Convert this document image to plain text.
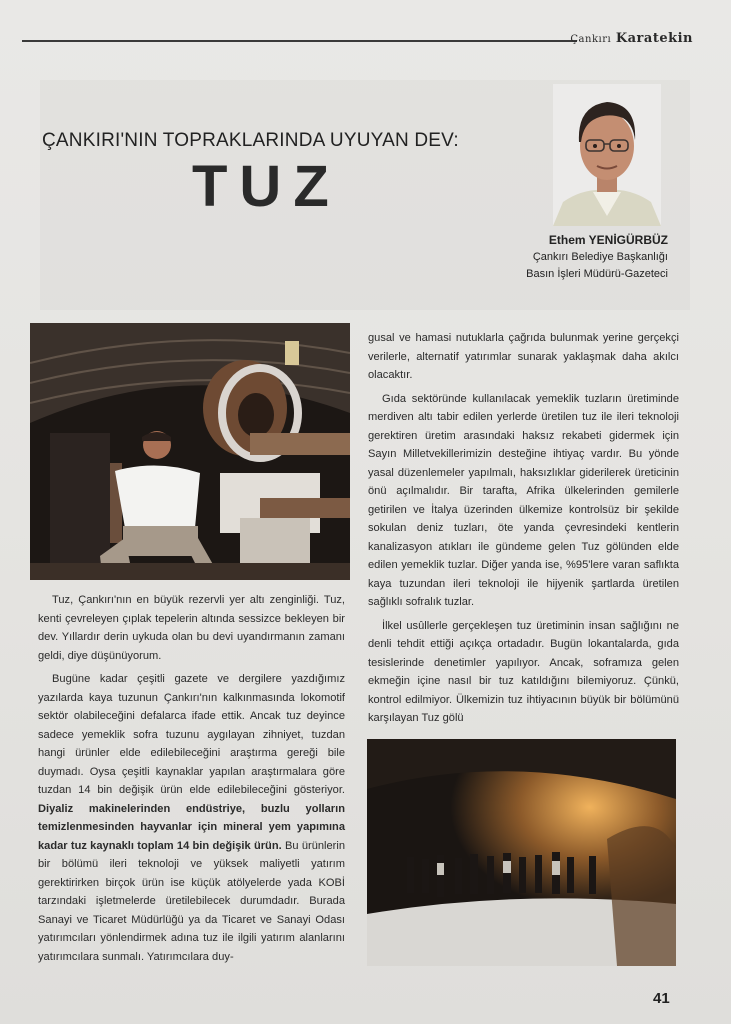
Çankırı Karatekin
ÇANKIRI'NIN TOPRAKLARINDA UYUYAN DEV:
TUZ
Ethem YENİGÜRBÜZ
Çankırı Belediye Başkanlığı
Basın İşleri Müdürü-Gazeteci

Tuz, Çankırı'nın en büyük rezervli yer altı zenginliği. Tuz, kenti çevreleyen çıplak tepelerin altında sessizce bekleyen bir dev. Yıllardır derin uykuda olan bu devi uyandırmanın zamanı geldi, diye düşünüyorum.

Bugüne kadar çeşitli gazete ve dergilere yazdığımız yazılarda kaya tuzunun Çankırı'nın kalkınmasında lokomotif sektör olabileceğini defalarca ifade ettik. Ancak tuz deyince sadece yemeklik sofra tuzunu aygılayan zihniyet, tuzdan hangi ürünler elde edilebileceğini araştırma gereği bile duymadı. Oysa çeşitli kaynaklar yapılan araştırmalara göre tuzdan 14 bin değişik ürün elde edilebileceğini gösteriyor. Diyaliz makinelerinden endüstriye, buzlu yolların temizlenmesinden hayvanlar için mineral yem yapımına kadar tuz kaynaklı toplam 14 bin değişik ürün. Bu ürünlerin bir bölümü ileri teknoloji ve yüksek maliyetli yatırım gerektirirken birçok ürün ise küçük atölyelerde yada KOBİ tarzındaki işletmelerde üretilebilecek durumdadır. Burada Sanayi ve Ticaret Müdürlüğü ya da Ticaret ve Sanayi Odası yatırımcıları yönlendirmek adına tuz ile ilgili yatırım alanlarını yatırımcılara sunmalı. Yatırımcılara duy-

gusal ve hamasi nutuklarla çağrıda bulunmak yerine gerçekçi verilerle, alternatif yatırımlar sunarak yaklaşmak daha akılcı olacaktır.

Gıda sektöründe kullanılacak yemeklik tuzların üretiminde merdiven altı tabir edilen yerlerde üretilen tuz ile ileri teknoloji gerektiren üretim arasındaki haksız rekabeti gidermek için Sayın Milletvekillerimizin desteğine ihtiyaç vardır. Bu yönde yasal düzenlemeler yapılmalı, haksızlıklar giderilerek üreticinin önü açılmalıdır. Bir tarafta, Afrika ülkelerinden gemilerle getirilen ve İtalya üzerinden ülkemize kontrolsüz bir şekilde sokulan deniz tuzları, öte yanda çevresindeki kentlerin kanalizasyon atıkları ile gündeme gelen Tuz gölünden elde edilen yemeklik tuzlar. Diğer yanda ise, %95'lere varan saflıkta kaya tuzundan ileri teknoloji ile hijyenik şartlarda üretilen sağlıklı sofralık tuzlar.

İlkel usûllerle gerçekleşen tuz üretiminin insan sağlığını ne denli tehdit ettiği açıkça ortadadır. Bugün lokantalarda, gıda tesislerinde denetimler yapılıyor. Ancak, soframıza gelen ekmeğin içine nasıl bir tuz katıldığını bilemiyoruz. Çünkü, kontrol edilmiyor. Ülkemizin tuz ihtiyacının büyük bir bölümünü karşılayan Tuz gölü

41
